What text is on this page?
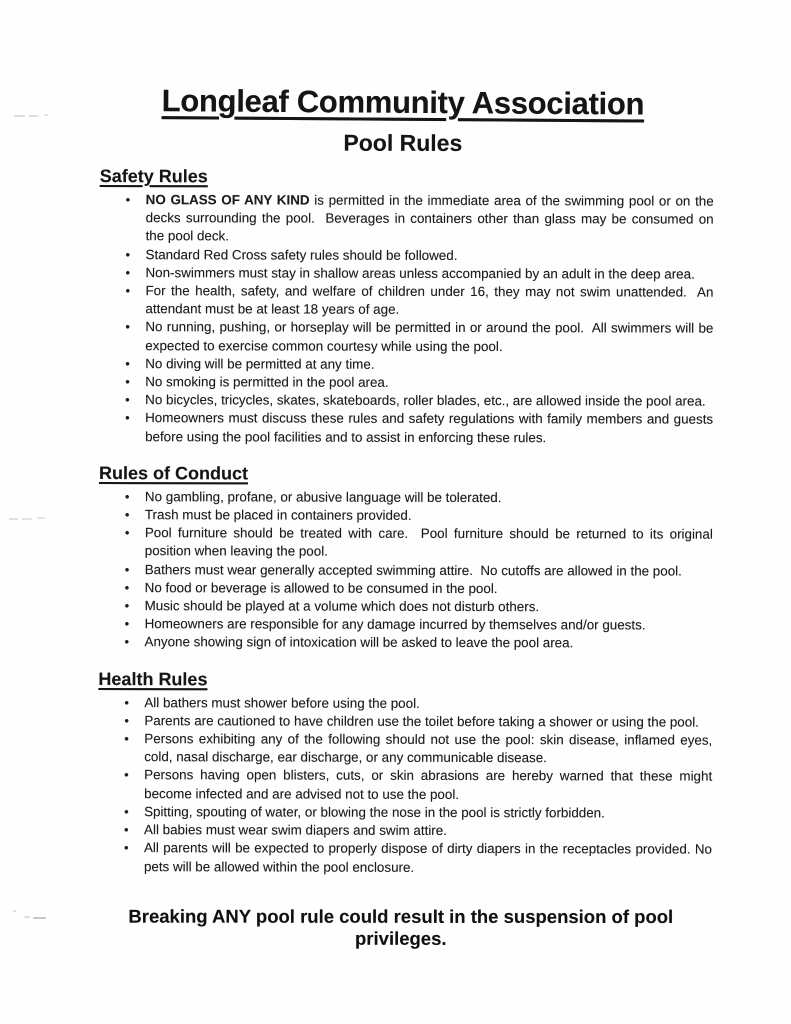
Longleaf Community Association
Pool Rules
Safety Rules
•	NO GLASS OF ANY KIND is permitted in the immediate area of the swimming pool or on the decks surrounding the pool.  Beverages in containers other than glass may be consumed on the pool deck.
•	Standard Red Cross safety rules should be followed.
•	Non-swimmers must stay in shallow areas unless accompanied by an adult in the deep area.
•	For the health, safety, and welfare of children under 16, they may not swim unattended.  An attendant must be at least 18 years of age.
•	No running, pushing, or horseplay will be permitted in or around the pool.  All swimmers will be expected to exercise common courtesy while using the pool.
•	No diving will be permitted at any time.
•	No smoking is permitted in the pool area.
•	No bicycles, tricycles, skates, skateboards, roller blades, etc., are allowed inside the pool area.
•	Homeowners must discuss these rules and safety regulations with family members and guests before using the pool facilities and to assist in enforcing these rules.
Rules of Conduct
•	No gambling, profane, or abusive language will be tolerated.
•	Trash must be placed in containers provided.
•	Pool furniture should be treated with care.  Pool furniture should be returned to its original position when leaving the pool.
•	Bathers must wear generally accepted swimming attire.  No cutoffs are allowed in the pool.
•	No food or beverage is allowed to be consumed in the pool.
•	Music should be played at a volume which does not disturb others.
•	Homeowners are responsible for any damage incurred by themselves and/or guests.
•	Anyone showing sign of intoxication will be asked to leave the pool area.
Health Rules
•	All bathers must shower before using the pool.
•	Parents are cautioned to have children use the toilet before taking a shower or using the pool.
•	Persons exhibiting any of the following should not use the pool: skin disease, inflamed eyes, cold, nasal discharge, ear discharge, or any communicable disease.
•	Persons having open blisters, cuts, or skin abrasions are hereby warned that these might become infected and are advised not to use the pool.
•	Spitting, spouting of water, or blowing the nose in the pool is strictly forbidden.
•	All babies must wear swim diapers and swim attire.
•	All parents will be expected to properly dispose of dirty diapers in the receptacles provided. No pets will be allowed within the pool enclosure.

Breaking ANY pool rule could result in the suspension of pool privileges.
